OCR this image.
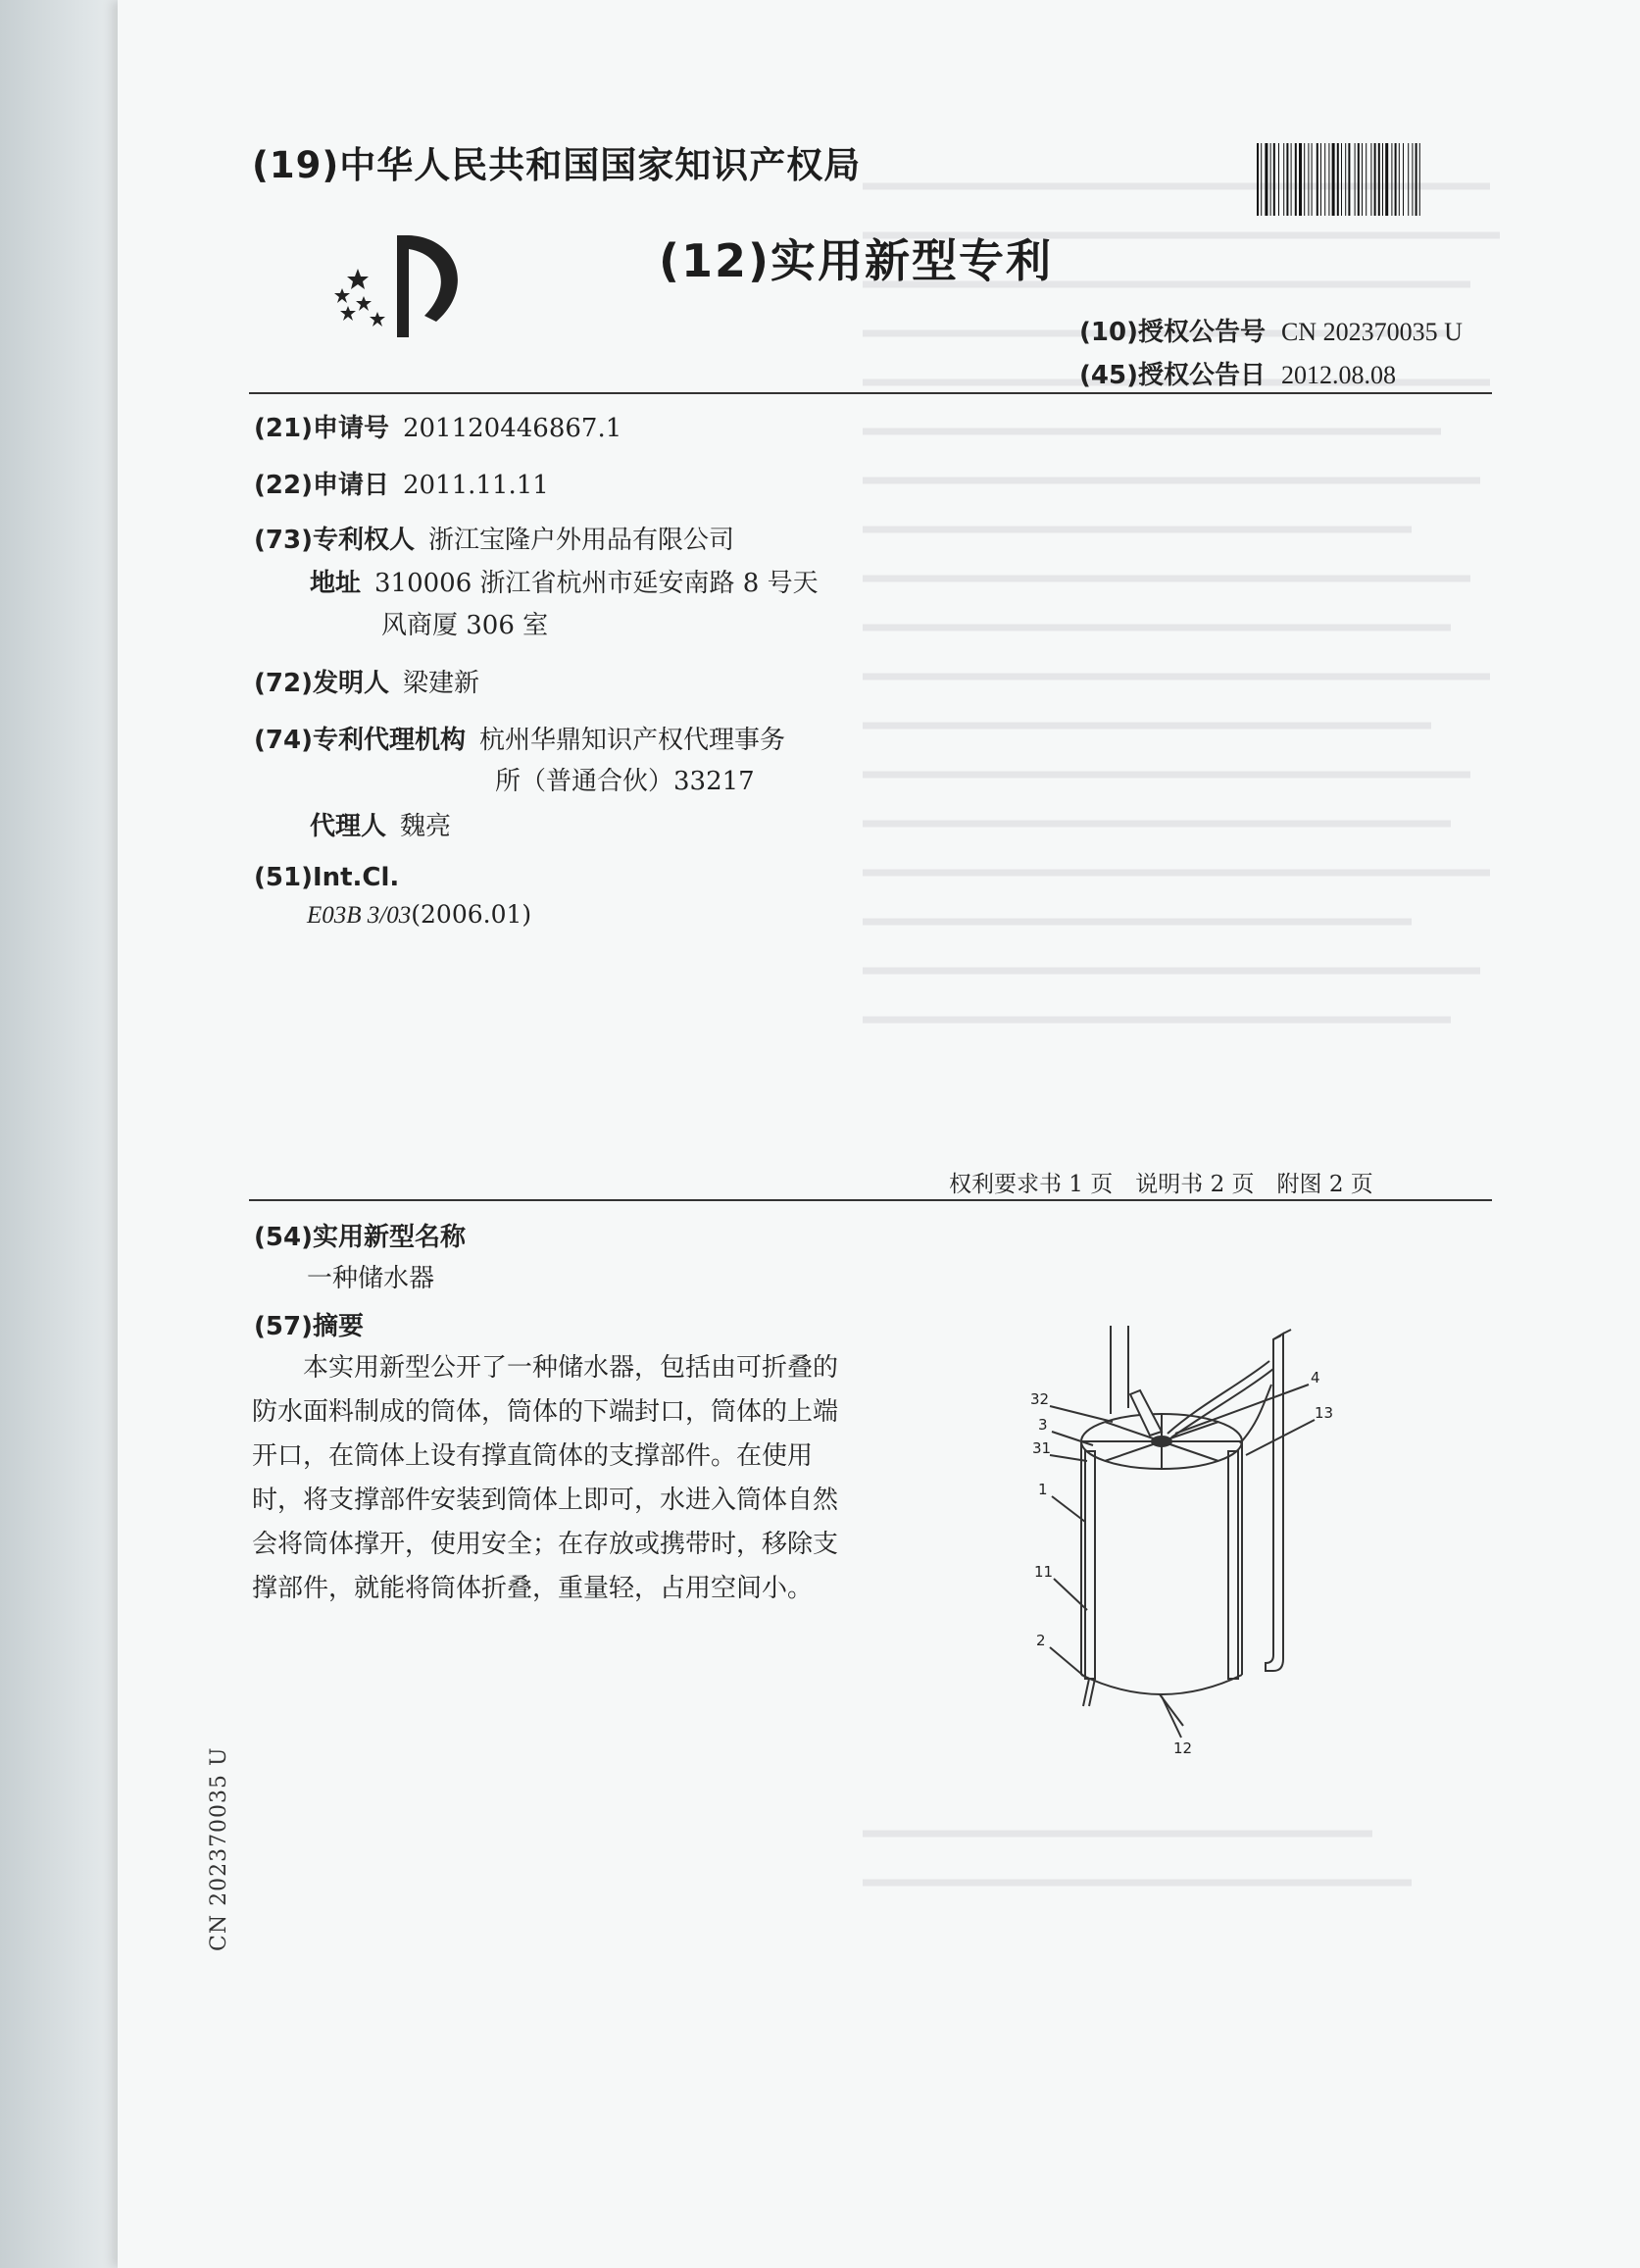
(19)中华人民共和国国家知识产权局
(12)实用新型专利
(10)授权公告号 CN 202370035 U
(45)授权公告日 2012.08.08
(21)申请号 201120446867.1
(22)申请日 2011.11.11
(73)专利权人 浙江宝隆户外用品有限公司
地址 310006 浙江省杭州市延安南路 8 号天
风商厦 306 室
(72)发明人 梁建新
(74)专利代理机构 杭州华鼎知识产权代理事务
所（普通合伙）33217
代理人 魏亮
(51)Int.Cl.
E03B 3/03(2006.01)
权利要求书 1 页　说明书 2 页　附图 2 页
(54)实用新型名称
一种储水器
(57)摘要
本实用新型公开了一种储水器，包括由可折叠的防水面料制成的筒体，筒体的下端封口，筒体的上端开口，在筒体上设有撑直筒体的支撑部件。在使用时，将支撑部件安装到筒体上即可，水进入筒体自然会将筒体撑开，使用安全；在存放或携带时，移除支撑部件，就能将筒体折叠，重量轻，占用空间小。
32
3
31
1
11
2
4
13
12
CN 202370035 U
